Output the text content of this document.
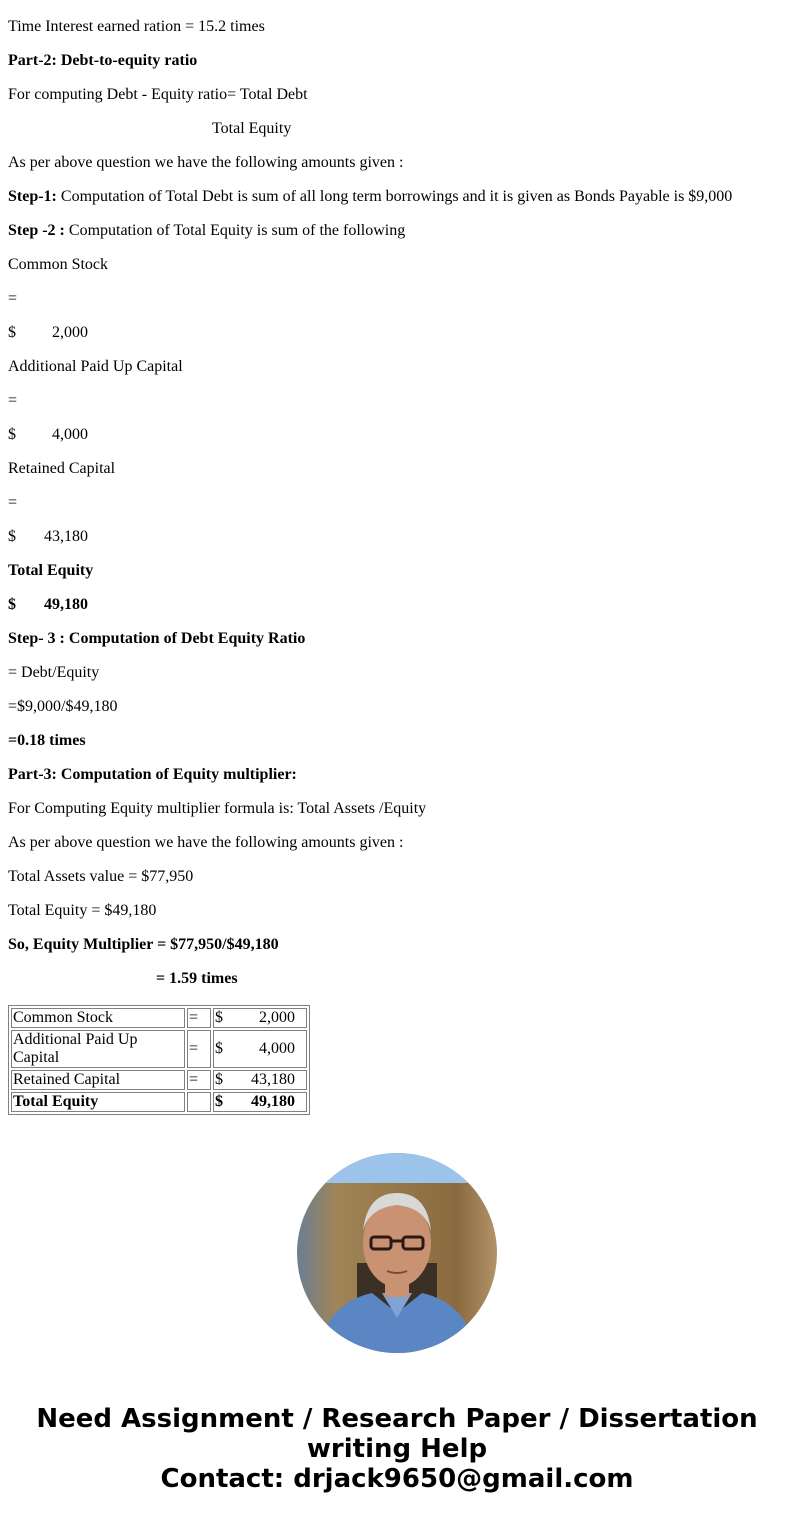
Time Interest earned ration = 15.2 times

Part-2: Debt-to-equity ratio

For computing Debt - Equity ratio= Total Debt

Total Equity

As per above question we have the following amounts given :

Step-1: Computation of Total Debt is sum of all long term borrowings and it is given as Bonds Payable is $9,000

Step -2 : Computation of Total Equity is sum of the following

Common Stock

=

$         2,000

Additional Paid Up Capital

=

$         4,000

Retained Capital

=

$       43,180

Total Equity

$       49,180

Step- 3 : Computation of Debt Equity Ratio

= Debt/Equity

=$9,000/$49,180

=0.18 times

Part-3: Computation of Equity multiplier:

For Computing Equity multiplier formula is: Total Assets /Equity

As per above question we have the following amounts given :

Total Assets value = $77,950

Total Equity = $49,180

So, Equity Multiplier = $77,950/$49,180

= 1.59 times

Common Stock	=	$ 2,000

Additional Paid Up Capital	=	$ 4,000

Retained Capital	=	$ 43,180

Total Equity		$ 49,180
Need Assignment / Research Paper / Dissertation
writing Help
Contact: drjack9650@gmail.com
